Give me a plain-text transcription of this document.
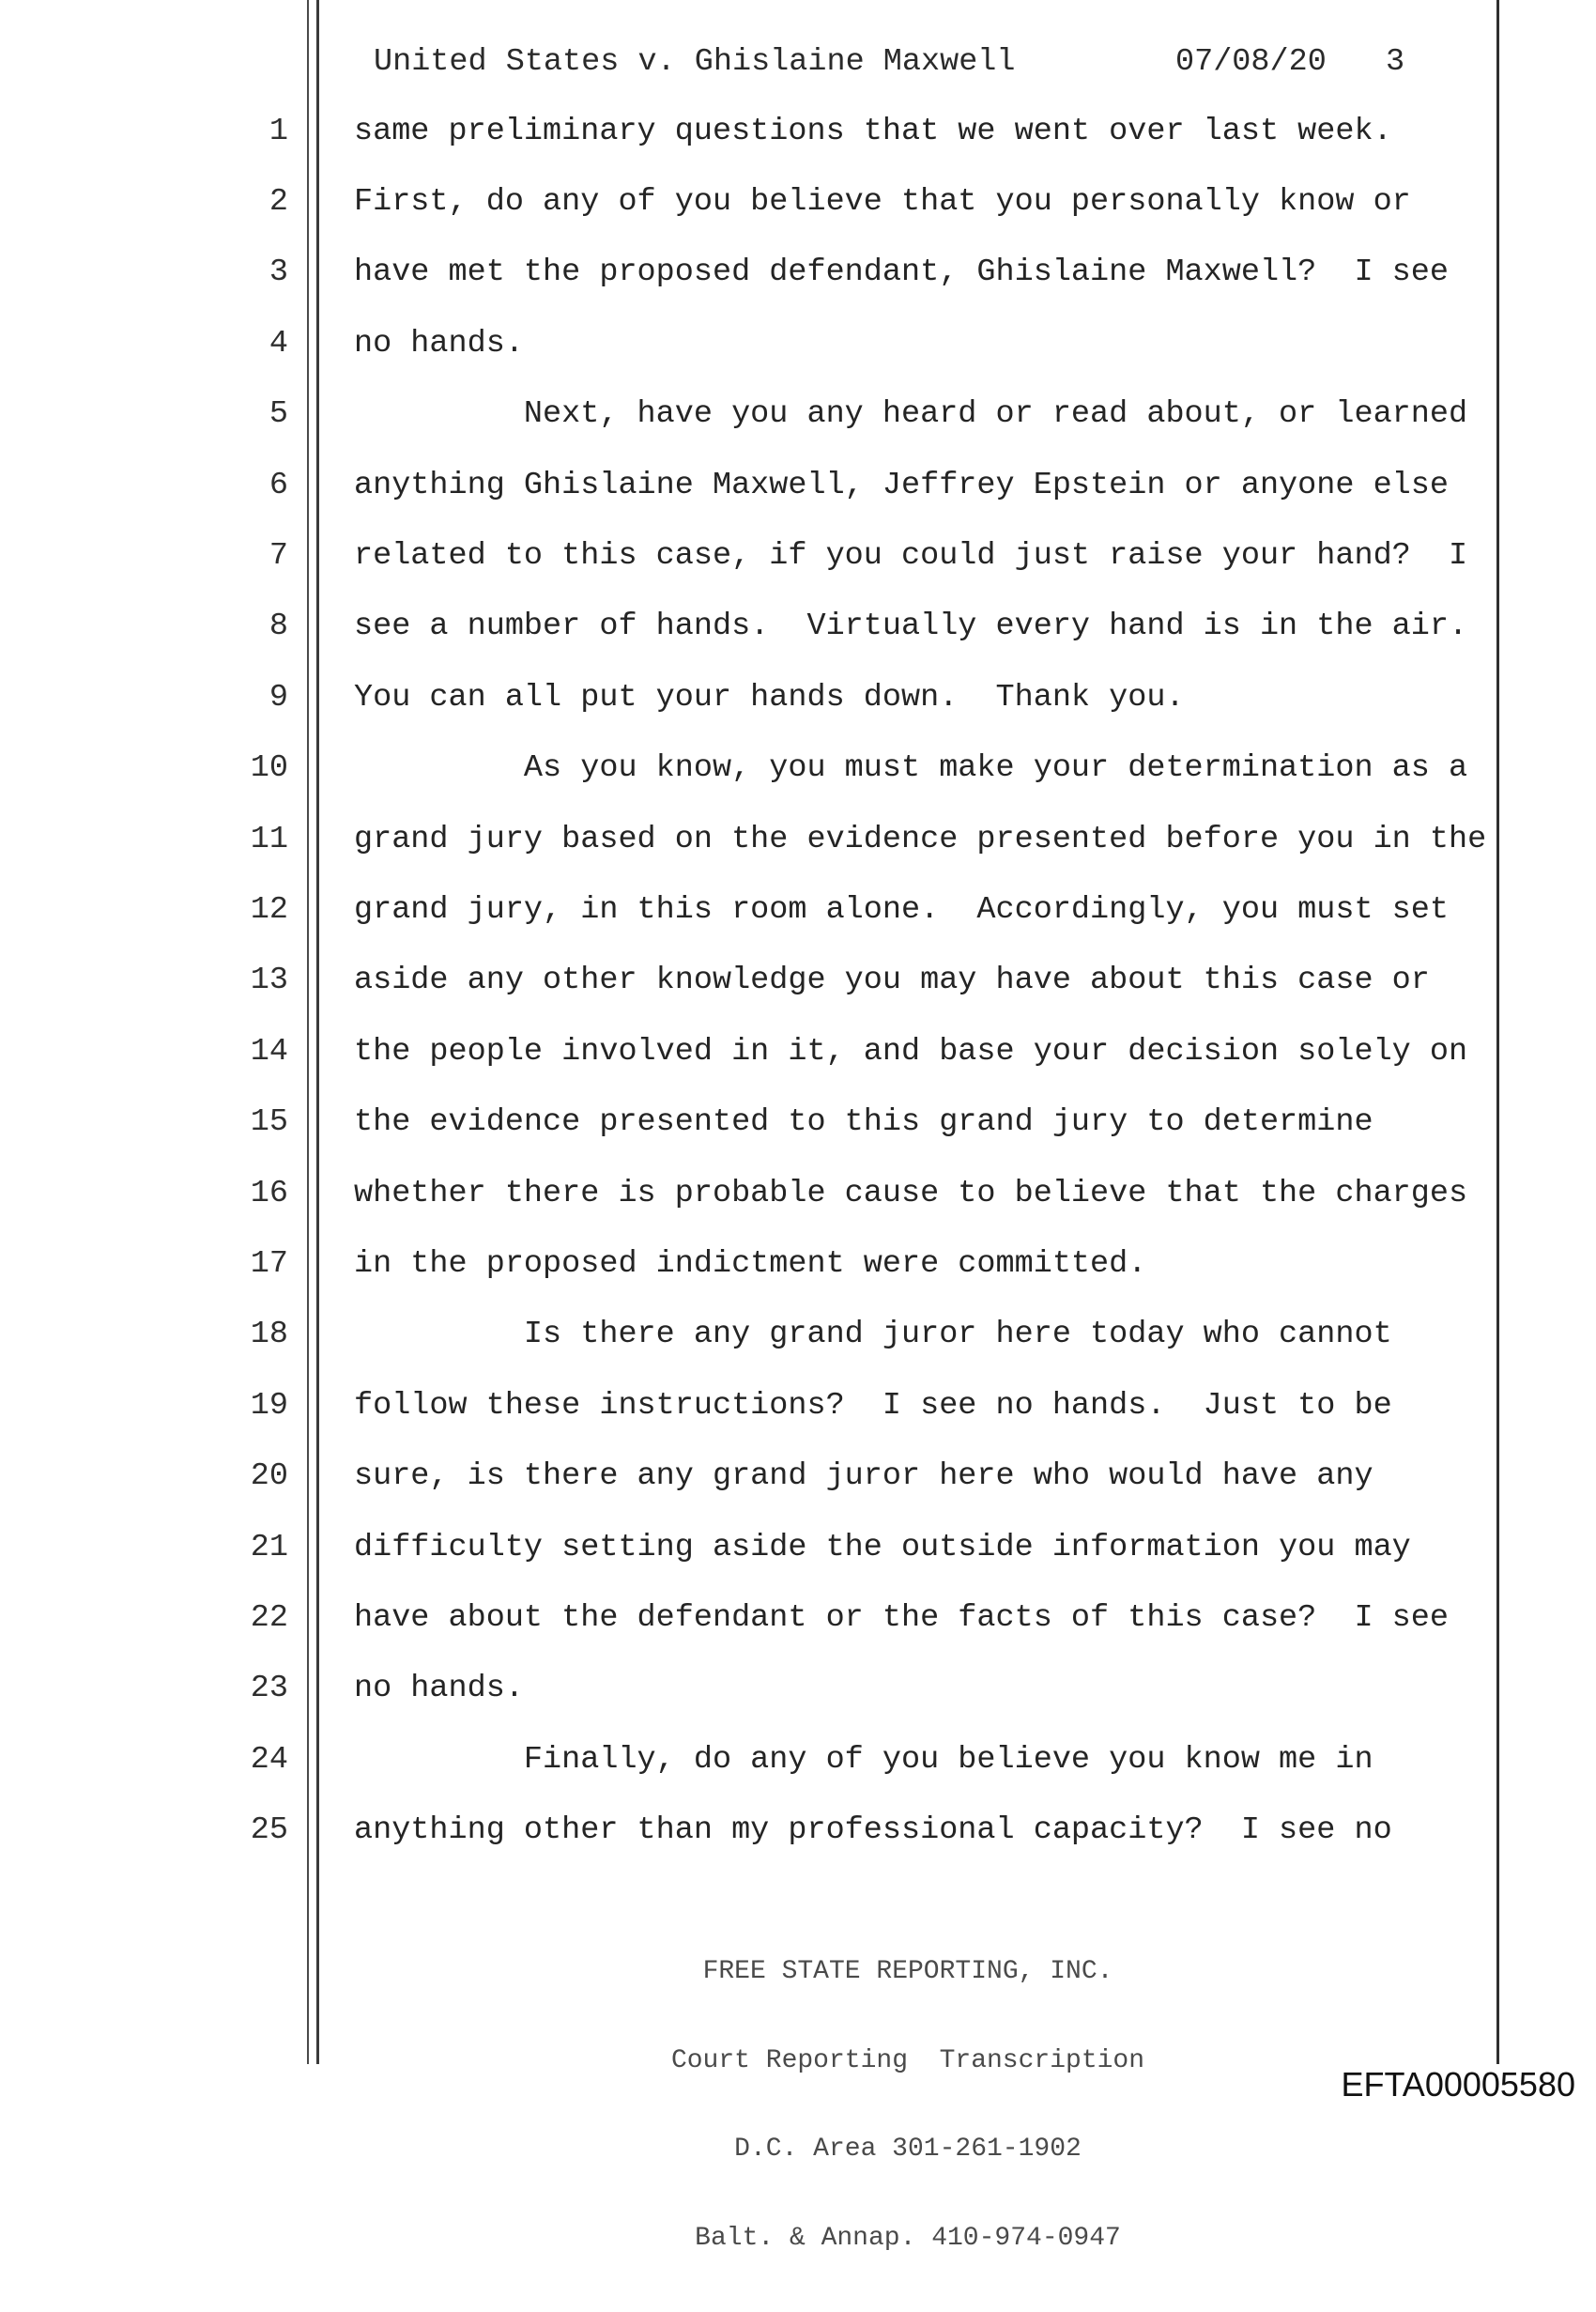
United States v. Ghislaine Maxwell	07/08/20 3
1 same preliminary questions that we went over last week.
2 First, do any of you believe that you personally know or
3 have met the proposed defendant, Ghislaine Maxwell?  I see
4 no hands.
5 Next, have you any heard or read about, or learned
6 anything Ghislaine Maxwell, Jeffrey Epstein or anyone else
7 related to this case, if you could just raise your hand?  I
8 see a number of hands.  Virtually every hand is in the air.
9 You can all put your hands down.  Thank you.
10 As you know, you must make your determination as a
11 grand jury based on the evidence presented before you in the
12 grand jury, in this room alone.  Accordingly, you must set
13 aside any other knowledge you may have about this case or
14 the people involved in it, and base your decision solely on
15 the evidence presented to this grand jury to determine
16 whether there is probable cause to believe that the charges
17 in the proposed indictment were committed.
18 Is there any grand juror here today who cannot
19 follow these instructions?  I see no hands.  Just to be
20 sure, is there any grand juror here who would have any
21 difficulty setting aside the outside information you may
22 have about the defendant or the facts of this case?  I see
23 no hands.
24 Finally, do any of you believe you know me in
25 anything other than my professional capacity?  I see no

FREE STATE REPORTING, INC.

Court Reporting  Transcription

D.C. Area 301-261-1902

Balt. & Annap. 410-974-0947

EFTA00005580
